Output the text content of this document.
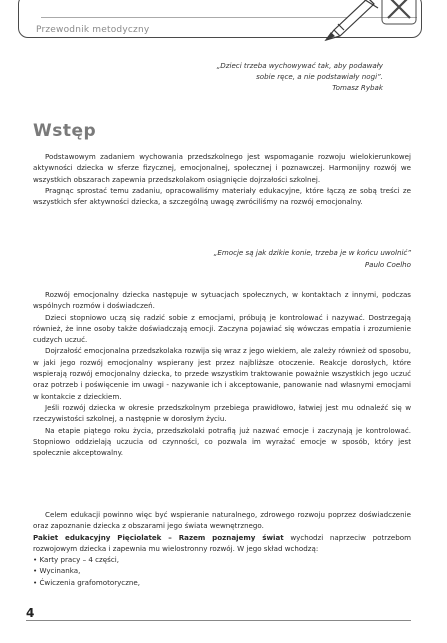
Przewodnik metodyczny
„Dzieci trzeba wychowywać tak, aby podawały
sobie ręce, a nie podstawiały nogi”.
Tomasz Rybak
Wstęp

Podstawowym zadaniem wychowania przedszkolnego jest wspomaganie rozwoju wielokierunkowej aktywności dziecka w sferze fizycznej, emocjonalnej, społecznej i poznawczej. Harmonijny rozwój we wszystkich obszarach zapewnia przedszkolakom osiągnięcie dojrzałości szkolnej.

Pragnąc sprostać temu zadaniu, opracowaliśmy materiały edukacyjne, które łączą ze sobą treści ze wszystkich sfer aktywności dziecka, a szczególną uwagę zwróciliśmy na rozwój emocjonalny.

„Emocje są jak dzikie konie, trzeba je w końcu uwolnić”
Paulo Coelho

Rozwój emocjonalny dziecka następuje w sytuacjach społecznych, w kontaktach z innymi, podczas wspólnych rozmów i doświadczeń.

Dzieci stopniowo uczą się radzić sobie z emocjami, próbują je kontrolować i nazywać. Dostrzegają również, że inne osoby także doświadczają emocji. Zaczyna pojawiać się wówczas empatia i zrozumienie cudzych uczuć.

Dojrzałość emocjonalna przedszkolaka rozwija się wraz z jego wiekiem, ale zależy również od sposobu, w jaki jego rozwój emocjonalny wspierany jest przez najbliższe otoczenie. Reakcje dorosłych, które wspierają rozwój emocjonalny dziecka, to przede wszystkim traktowanie poważnie wszystkich jego uczuć oraz potrzeb i poświęcenie im uwagi - nazywanie ich i akceptowanie, panowanie nad własnymi emocjami w kontakcie z dzieckiem.

Jeśli rozwój dziecka w okresie przedszkolnym przebiega prawidłowo, łatwiej jest mu odnaleźć się w rzeczywistości szkolnej, a następnie w dorosłym życiu.

Na etapie piątego roku życia, przedszkolaki potrafią już nazwać emocje i zaczynają je kontrolować. Stopniowo oddzielają uczucia od czynności, co pozwala im wyrażać emocje w sposób, który jest społecznie akceptowalny.

Celem edukacji powinno więc być wspieranie naturalnego, zdrowego rozwoju poprzez doświadczenie oraz zapoznanie dziecka z obszarami jego świata wewnętrznego.

Pakiet edukacyjny Pięciolatek – Razem poznajemy świat wychodzi naprzeciw potrzebom rozwojowym dziecka i zapewnia mu wielostronny rozwój. W jego skład wchodzą:

• Karty pracy – 4 części,

• Wycinanka,

• Ćwiczenia grafomotoryczne,

4
